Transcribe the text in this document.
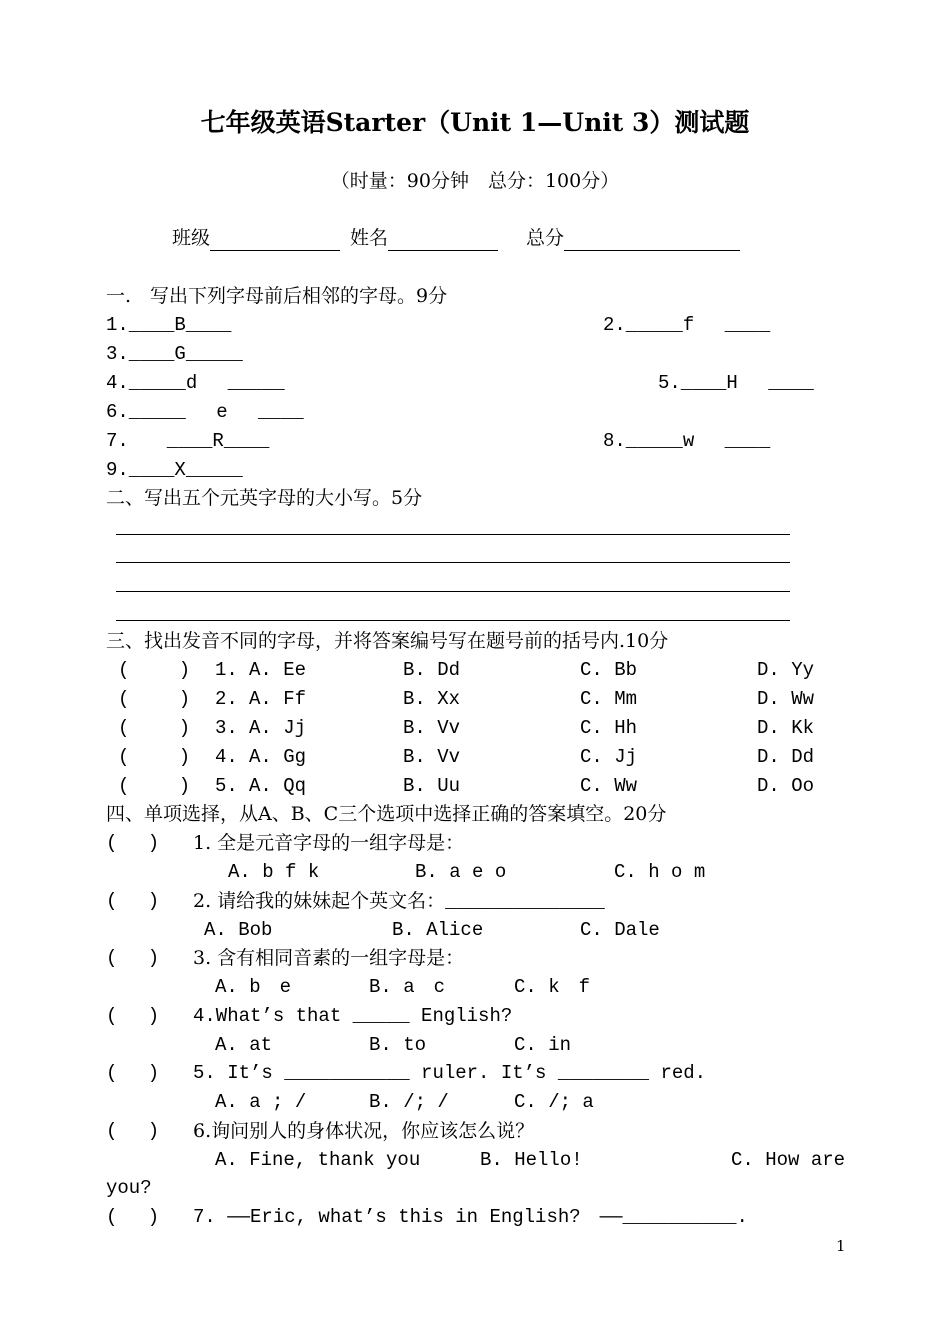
七年级英语Starter（Unit 1—Unit 3）测试题
（时量：90分钟　总分：100分）
班级	姓名	总分
一.　写出下列字母前后相邻的字母。9分
1.____B____	2._____f　 ____
3.____G_____
4._____d　 _____	5.____H　 ____
6._____　 e　 ____
7.　　____R____	8._____w　 ____
9.____X_____
二、写出五个元英字母的大小写。5分
三、找出发音不同的字母，并将答案编号写在题号前的括号内.10分
(　　 ) 1. A. Ee	B. Dd	C. Bb	D. Yy
(　　 ) 2. A. Ff	B. Xx	C. Mm	D. Ww
(　　 ) 3. A. Jj	B. Vv	C. Hh	D. Kk
(　　 ) 4. A. Gg	B. Vv	C. Jj	D. Dd
(　　 ) 5. A. Qq	B. Uu	C. Ww	D. Oo
四、单项选择，从A、B、C三个选项中选择正确的答案填空。20分
(　 ) 1. 全是元音字母的一组字母是：
A. b f k	B. a e o	C. h o m
(　 ) 2. 请给我的妹妹起个英文名：______________
A. Bob	B. Alice	C. Dale
(　 ) 3. 含有相同音素的一组字母是：
A. b　e	B. a　c	C. k　f
(　 ) 4.What’s that _____ English?
A. at	B. to	C. in
(　 ) 5. It’s ___________ ruler. It’s ________ red.
A. a ; /	B. /; /	C. /; a
(　 ) 6.询问别人的身体状况，你应该怎么说？
A. Fine, thank you	B. Hello!	C. How are
you?
(　 ) 7. ——Eric, what’s this in English?　——__________.
1
